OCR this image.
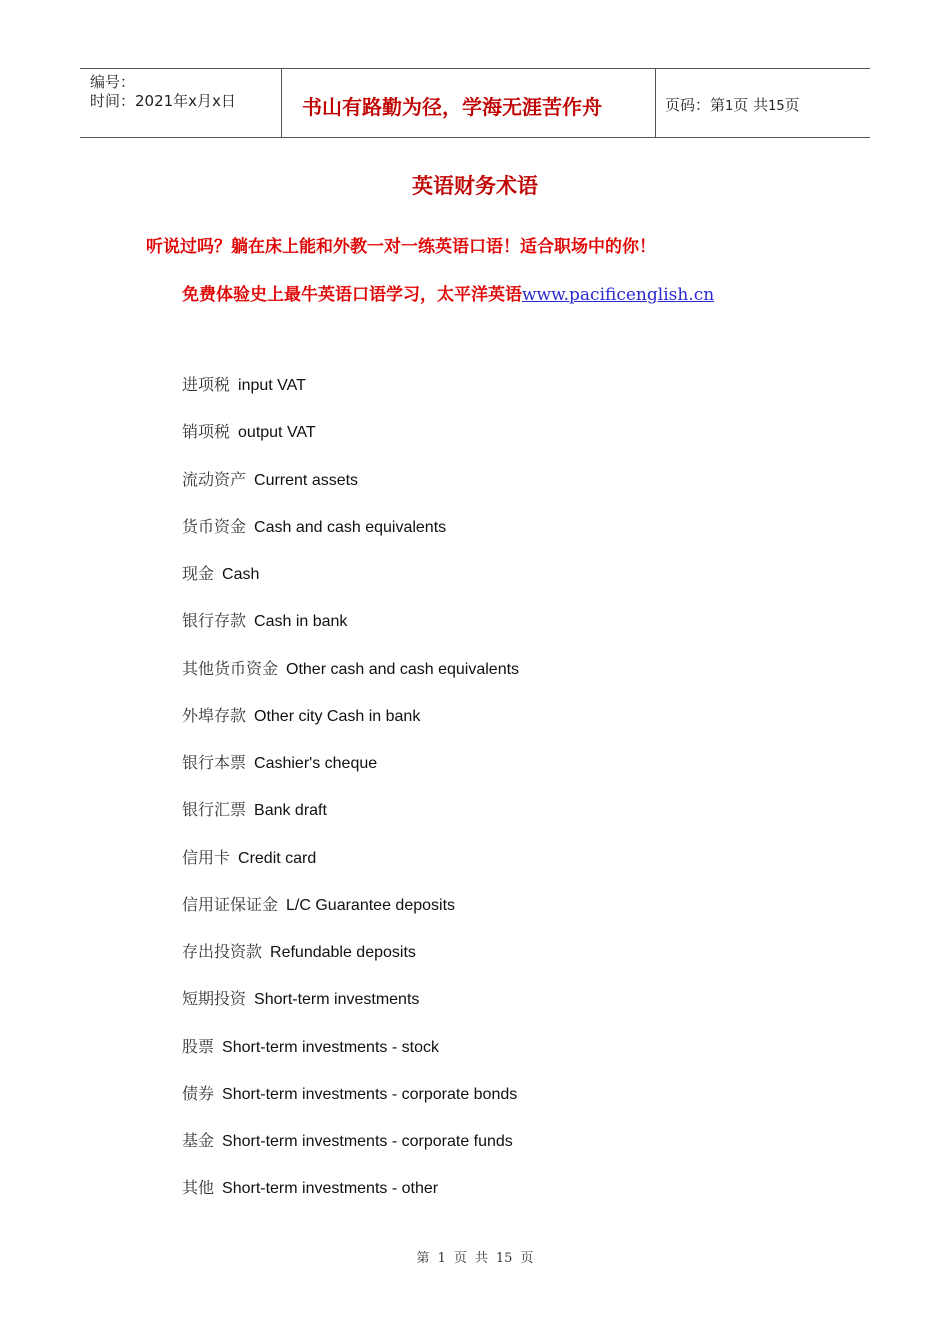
编号：
时间：2021年x月x日	书山有路勤为径，学海无涯苦作舟	页码：第1页 共15页
英语财务术语
听说过吗？躺在床上能和外教一对一练英语口语！适合职场中的你！
免费体验史上最牛英语口语学习，太平洋英语www.pacificenglish.cn
进项税 input VAT
销项税 output VAT
流动资产 Current assets
货币资金 Cash and cash equivalents
现金 Cash
银行存款 Cash in bank
其他货币资金 Other cash and cash equivalents
外埠存款 Other city Cash in bank
银行本票 Cashier's cheque
银行汇票 Bank draft
信用卡 Credit card
信用证保证金 L/C Guarantee deposits
存出投资款 Refundable deposits
短期投资 Short-term investments
股票 Short-term investments - stock
债券 Short-term investments - corporate bonds
基金 Short-term investments - corporate funds
其他 Short-term investments - other
第 1 页 共 15 页
